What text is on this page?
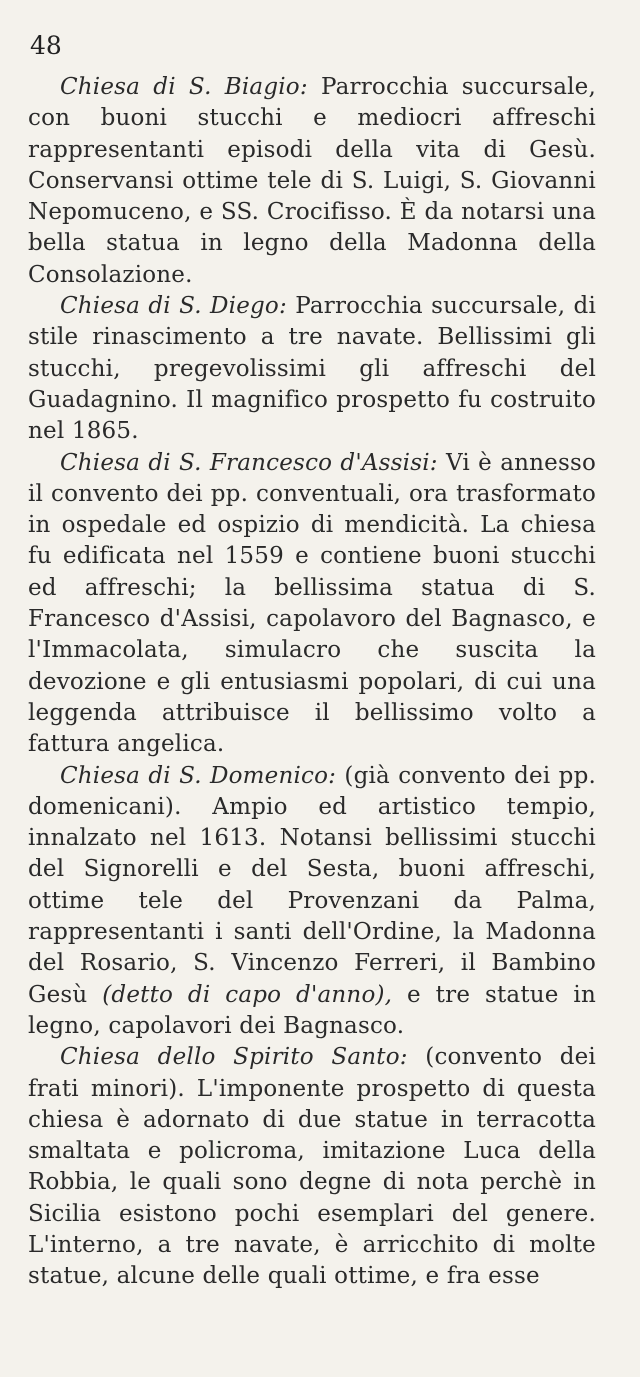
48

Chiesa di S. Biagio: Parrocchia succursale, con buoni stucchi e mediocri affreschi rappresentanti episodi della vita di Gesù. Conservansi ottime tele di S. Luigi, S. Giovanni Nepomuceno, e SS. Crocifisso. È da notarsi una bella statua in legno della Madonna della Consolazione.

Chiesa di S. Diego: Parrocchia succursale, di stile rinascimento a tre navate. Bellissimi gli stucchi, pregevolissimi gli affreschi del Guadagnino. Il magnifico prospetto fu costruito nel 1865.

Chiesa di S. Francesco d'Assisi: Vi è annesso il convento dei pp. conventuali, ora trasformato in ospedale ed ospizio di mendicità. La chiesa fu edificata nel 1559 e contiene buoni stucchi ed affreschi; la bellissima statua di S. Francesco d'Assisi, capolavoro del Bagnasco, e l'Immacolata, simulacro che suscita la devozione e gli entusiasmi popolari, di cui una leggenda attribuisce il bellissimo volto a fattura angelica.

Chiesa di S. Domenico: (già convento dei pp. domenicani). Ampio ed artistico tempio, innalzato nel 1613. Notansi bellissimi stucchi del Signorelli e del Sesta, buoni affreschi, ottime tele del Provenzani da Palma, rappresentanti i santi dell'Ordine, la Madonna del Rosario, S. Vincenzo Ferreri, il Bambino Gesù (detto di capo d'anno), e tre statue in legno, capolavori dei Bagnasco.

Chiesa dello Spirito Santo: (convento dei frati minori). L'imponente prospetto di questa chiesa è adornato di due statue in terracotta smaltata e policroma, imitazione Luca della Robbia, le quali sono degne di nota perchè in Sicilia esistono pochi esemplari del genere. L'interno, a tre navate, è arricchito di molte statue, alcune delle quali ottime, e fra esse
